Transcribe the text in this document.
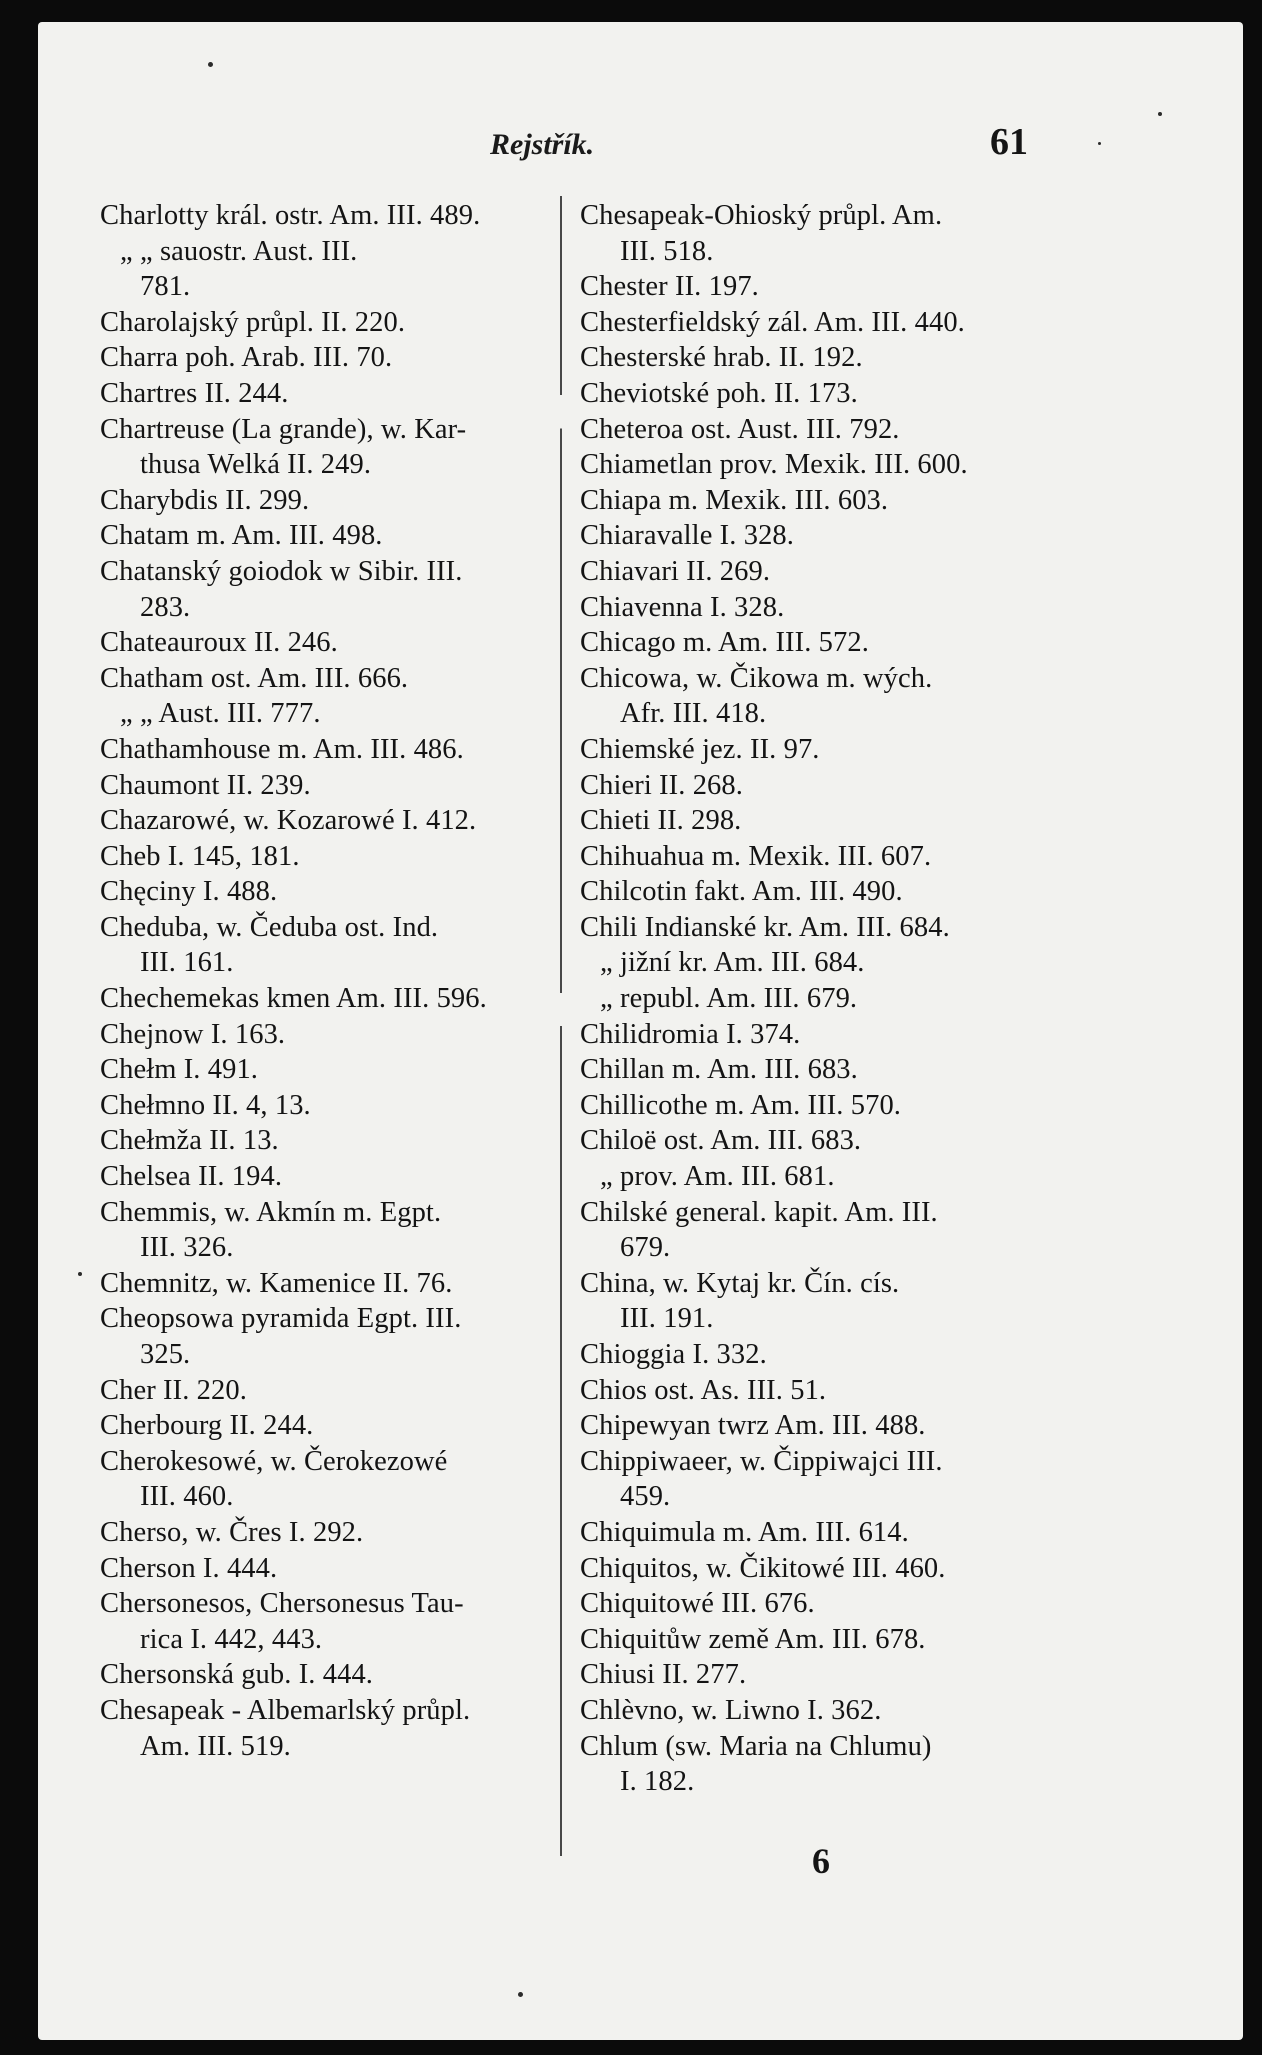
Rejstřík.	61
Charlotty král. ostr. Am. III. 489.
„ „ sauostr. Aust. III.
781.
Charolajský průpl. II. 220.
Charra poh. Arab. III. 70.
Chartres II. 244.
Chartreuse (La grande), w. Kar-
thusa Welká II. 249.
Charybdis II. 299.
Chatam m. Am. III. 498.
Chatanský goiodok w Sibir. III.
283.
Chateauroux II. 246.
Chatham ost. Am. III. 666.
„ „ Aust. III. 777.
Chathamhouse m. Am. III. 486.
Chaumont II. 239.
Chazarowé, w. Kozarowé I. 412.
Cheb I. 145, 181.
Chęciny I. 488.
Cheduba, w. Čeduba ost. Ind.
III. 161.
Chechemekas kmen Am. III. 596.
Chejnow I. 163.
Chełm I. 491.
Chełmno II. 4, 13.
Chełmža II. 13.
Chelsea II. 194.
Chemmis, w. Akmín m. Egpt.
III. 326.
Chemnitz, w. Kamenice II. 76.
Cheopsowa pyramida Egpt. III.
325.
Cher II. 220.
Cherbourg II. 244.
Cherokesowé, w. Čerokezowé
III. 460.
Cherso, w. Čres I. 292.
Cherson I. 444.
Chersonesos, Chersonesus Tau-
rica I. 442, 443.
Chersonská gub. I. 444.
Chesapeak - Albemarlský průpl.
Am. III. 519.
Chesapeak-Ohioský průpl. Am.
III. 518.
Chester II. 197.
Chesterfieldský zál. Am. III. 440.
Chesterské hrab. II. 192.
Cheviotské poh. II. 173.
Cheteroa ost. Aust. III. 792.
Chiametlan prov. Mexik. III. 600.
Chiapa m. Mexik. III. 603.
Chiaravalle I. 328.
Chiavari II. 269.
Chiavenna I. 328.
Chicago m. Am. III. 572.
Chicowa, w. Čikowa m. wých.
Afr. III. 418.
Chiemské jez. II. 97.
Chieri II. 268.
Chieti II. 298.
Chihuahua m. Mexik. III. 607.
Chilcotin fakt. Am. III. 490.
Chili Indianské kr. Am. III. 684.
„ jižní kr. Am. III. 684.
„ republ. Am. III. 679.
Chilidromia I. 374.
Chillan m. Am. III. 683.
Chillicothe m. Am. III. 570.
Chiloë ost. Am. III. 683.
„ prov. Am. III. 681.
Chilské general. kapit. Am. III.
679.
China, w. Kytaj kr. Čín. cís.
III. 191.
Chioggia I. 332.
Chios ost. As. III. 51.
Chipewyan twrz Am. III. 488.
Chippiwaeer, w. Čippiwajci III.
459.
Chiquimula m. Am. III. 614.
Chiquitos, w. Čikitowé III. 460.
Chiquitowé III. 676.
Chiquitůw země Am. III. 678.
Chiusi II. 277.
Chlèvno, w. Liwno I. 362.
Chlum (sw. Maria na Chlumu)
I. 182.
6
